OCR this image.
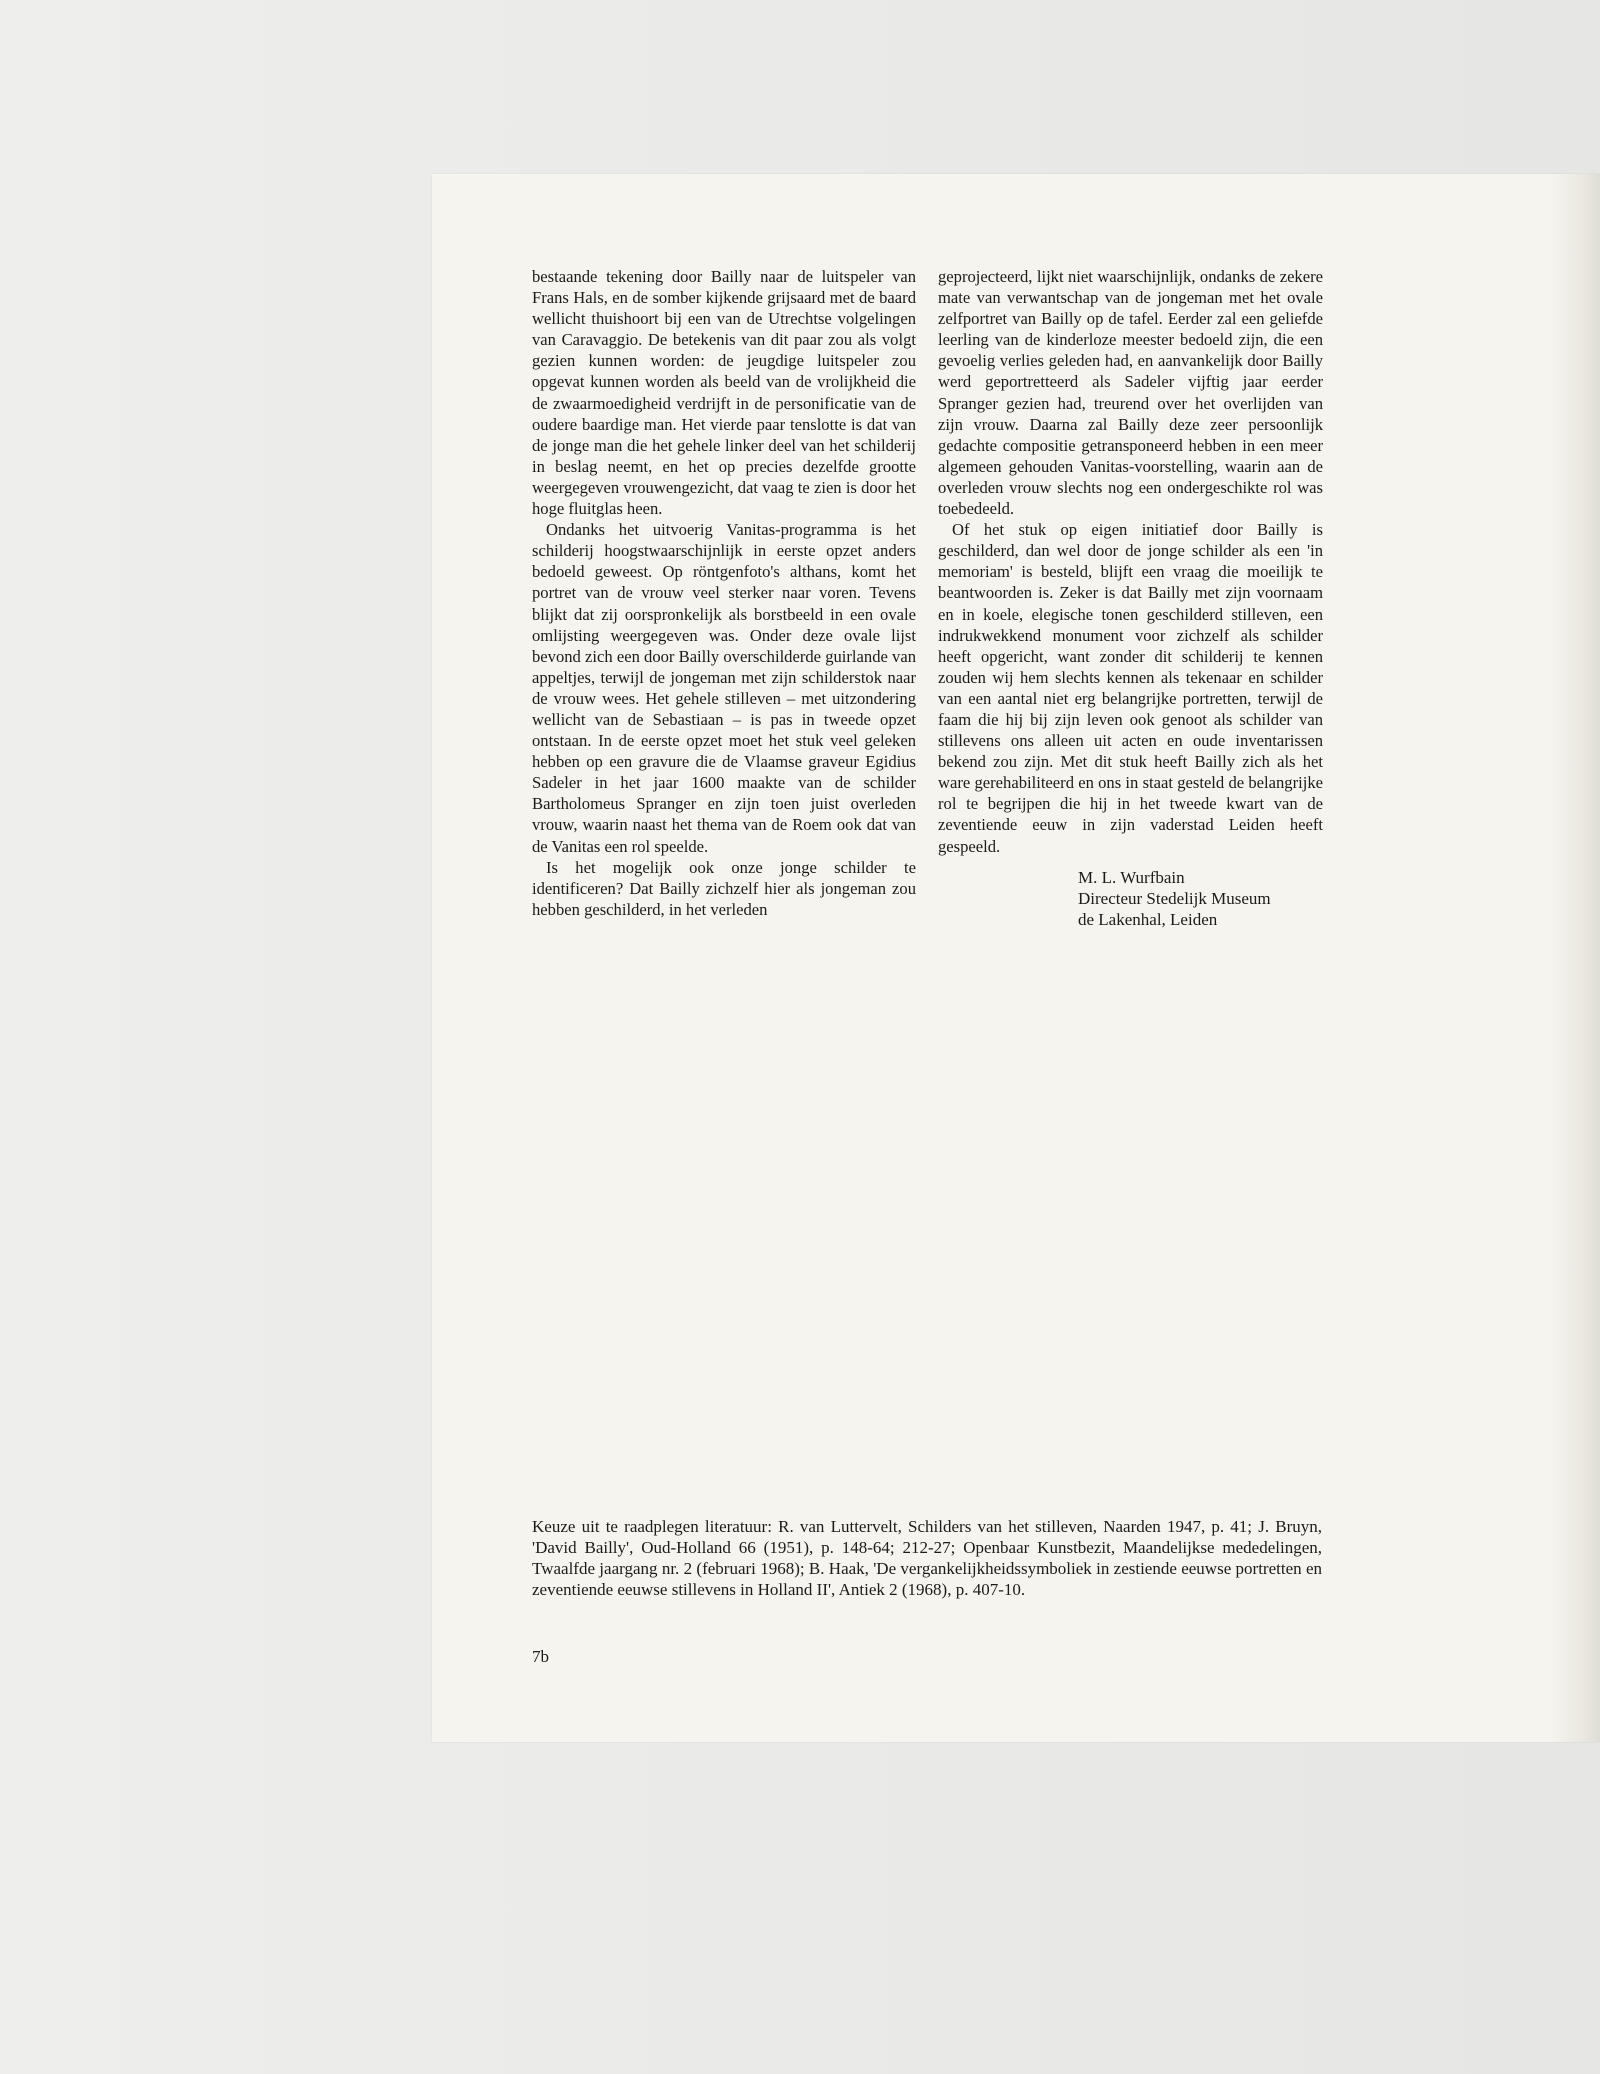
bestaande tekening door Bailly naar de luitspeler van Frans Hals, en de somber kijkende grijsaard met de baard wellicht thuishoort bij een van de Utrechtse volgelingen van Caravaggio. De betekenis van dit paar zou als volgt gezien kunnen worden: de jeugdige luitspeler zou opgevat kunnen worden als beeld van de vrolijkheid die de zwaarmoedigheid verdrijft in de personificatie van de oudere baardige man. Het vierde paar tenslotte is dat van de jonge man die het gehele linker deel van het schilderij in beslag neemt, en het op precies dezelfde grootte weergegeven vrouwengezicht, dat vaag te zien is door het hoge fluitglas heen.

Ondanks het uitvoerig Vanitas-programma is het schilderij hoogstwaarschijnlijk in eerste opzet anders bedoeld geweest. Op röntgenfoto's althans, komt het portret van de vrouw veel sterker naar voren. Tevens blijkt dat zij oorspronkelijk als borstbeeld in een ovale omlijsting weergegeven was. Onder deze ovale lijst bevond zich een door Bailly overschilderde guirlande van appeltjes, terwijl de jongeman met zijn schilderstok naar de vrouw wees. Het gehele stilleven – met uitzondering wellicht van de Sebastiaan – is pas in tweede opzet ontstaan. In de eerste opzet moet het stuk veel geleken hebben op een gravure die de Vlaamse graveur Egidius Sadeler in het jaar 1600 maakte van de schilder Bartholomeus Spranger en zijn toen juist overleden vrouw, waarin naast het thema van de Roem ook dat van de Vanitas een rol speelde.

Is het mogelijk ook onze jonge schilder te identificeren? Dat Bailly zichzelf hier als jongeman zou hebben geschilderd, in het verleden

geprojecteerd, lijkt niet waarschijnlijk, ondanks de zekere mate van verwantschap van de jongeman met het ovale zelfportret van Bailly op de tafel. Eerder zal een geliefde leerling van de kinderloze meester bedoeld zijn, die een gevoelig verlies geleden had, en aanvankelijk door Bailly werd geportretteerd als Sadeler vijftig jaar eerder Spranger gezien had, treurend over het overlijden van zijn vrouw. Daarna zal Bailly deze zeer persoonlijk gedachte compositie getransponeerd hebben in een meer algemeen gehouden Vanitas-voorstelling, waarin aan de overleden vrouw slechts nog een ondergeschikte rol was toebedeeld.

Of het stuk op eigen initiatief door Bailly is geschilderd, dan wel door de jonge schilder als een 'in memoriam' is besteld, blijft een vraag die moeilijk te beantwoorden is. Zeker is dat Bailly met zijn voornaam en in koele, elegische tonen geschilderd stilleven, een indrukwekkend monument voor zichzelf als schilder heeft opgericht, want zonder dit schilderij te kennen zouden wij hem slechts kennen als tekenaar en schilder van een aantal niet erg belangrijke portretten, terwijl de faam die hij bij zijn leven ook genoot als schilder van stillevens ons alleen uit acten en oude inventarissen bekend zou zijn. Met dit stuk heeft Bailly zich als het ware gerehabiliteerd en ons in staat gesteld de belangrijke rol te begrijpen die hij in het tweede kwart van de zeventiende eeuw in zijn vaderstad Leiden heeft gespeeld.

M. L. Wurfbain
Directeur Stedelijk Museum
de Lakenhal, Leiden
Keuze uit te raadplegen literatuur: R. van Luttervelt, Schilders van het stilleven, Naarden 1947, p. 41; J. Bruyn, 'David Bailly', Oud-Holland 66 (1951), p. 148-64; 212-27; Openbaar Kunstbezit, Maandelijkse mededelingen, Twaalfde jaargang nr. 2 (februari 1968); B. Haak, 'De vergankelijkheidssymboliek in zestiende eeuwse portretten en zeventiende eeuwse stillevens in Holland II', Antiek 2 (1968), p. 407-10.
7b
